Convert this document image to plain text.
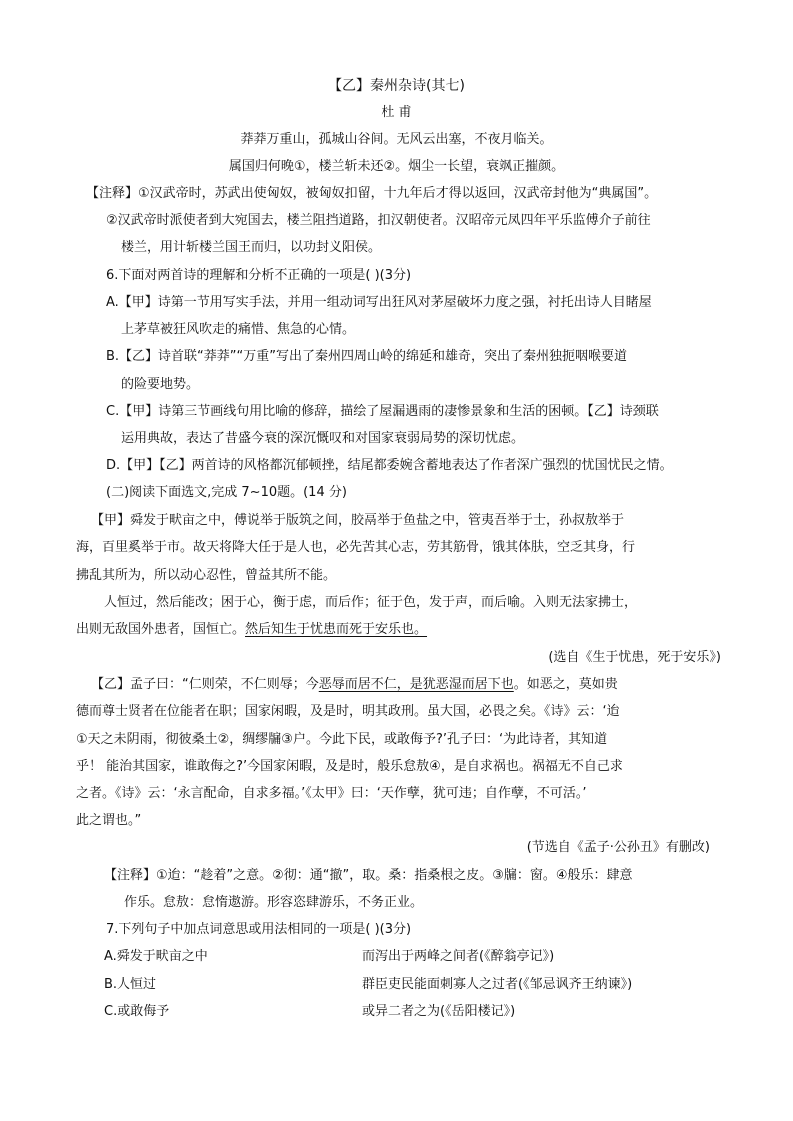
【乙】秦州杂诗(其七)
杜 甫
莽莽万重山，孤城山谷间。无风云出塞，不夜月临关。
属国归何晚①，楼兰斩未还②。烟尘一长望，衰飒正摧颜。
【注释】①汉武帝时，苏武出使匈奴，被匈奴扣留，十九年后才得以返回，汉武帝封他为“典属国”。
②汉武帝时派使者到大宛国去，楼兰阻挡道路，扣汉朝使者。汉昭帝元凤四年平乐监傅介子前往
楼兰，用计斩楼兰国王而归，以功封义阳侯。
6.下面对两首诗的理解和分析不正确的一项是( )(3分)
A.【甲】诗第一节用写实手法，并用一组动词写出狂风对茅屋破坏力度之强，衬托出诗人目睹屋
上茅草被狂风吹走的痛惜、焦急的心情。
B.【乙】诗首联“莽莽”“万重”写出了秦州四周山岭的绵延和雄奇，突出了秦州独扼咽喉要道
的险要地势。
C.【甲】诗第三节画线句用比喻的修辞，描绘了屋漏遇雨的凄惨景象和生活的困顿。【乙】诗颈联
运用典故，表达了昔盛今衰的深沉慨叹和对国家衰弱局势的深切忧虑。
D.【甲】【乙】两首诗的风格都沉郁顿挫，结尾都委婉含蓄地表达了作者深广强烈的忧国忧民之情。
(二)阅读下面选文,完成 7~10题。(14 分)
【甲】舜发于畎亩之中，傅说举于版筑之间，胶鬲举于鱼盐之中，管夷吾举于士，孙叔敖举于
海，百里奚举于市。故天将降大任于是人也，必先苦其心志，劳其筋骨，饿其体肤，空乏其身，行
拂乱其所为，所以动心忍性，曾益其所不能。
人恒过，然后能改；困于心，衡于虑，而后作；征于色，发于声，而后喻。入则无法家拂士，
出则无敌国外患者，国恒亡。然后知生于忧患而死于安乐也。
(选自《生于忧患，死于安乐》)
【乙】孟子曰：“仁则荣，不仁则辱；今恶辱而居不仁，是犹恶湿而居下也。如恶之，莫如贵
德而尊士贤者在位能者在职；国家闲暇，及是时，明其政刑。虽大国，必畏之矣。《诗》云：‘迨
①天之未阴雨，彻彼桑土②，绸缪牖③户。今此下民，或敢侮予?’孔子曰：‘为此诗者，其知道
乎！ 能治其国家，谁敢侮之?’今国家闲暇，及是时，般乐怠敖④，是自求祸也。祸福无不自己求
之者。《诗》云：‘永言配命，自求多福。’《太甲》曰：‘天作孽，犹可违；自作孽，不可活。’
此之谓也。”
(节选自《孟子·公孙丑》有删改)
【注释】①迨：“趁着”之意。②彻：通“撤”，取。桑：指桑根之皮。③牖：窗。④般乐：肆意
作乐。怠敖：怠惰遨游。形容恣肆游乐，不务正业。
7.下列句子中加点词意思或用法相同的一项是( )(3分)
A.舜发于畎亩之中	而泻出于两峰之间者(《醉翁亭记》)
B.人恒过	群臣吏民能面刺寡人之过者(《邹忌讽齐王纳谏》)
C.或敢侮予	或异二者之为(《岳阳楼记》)
